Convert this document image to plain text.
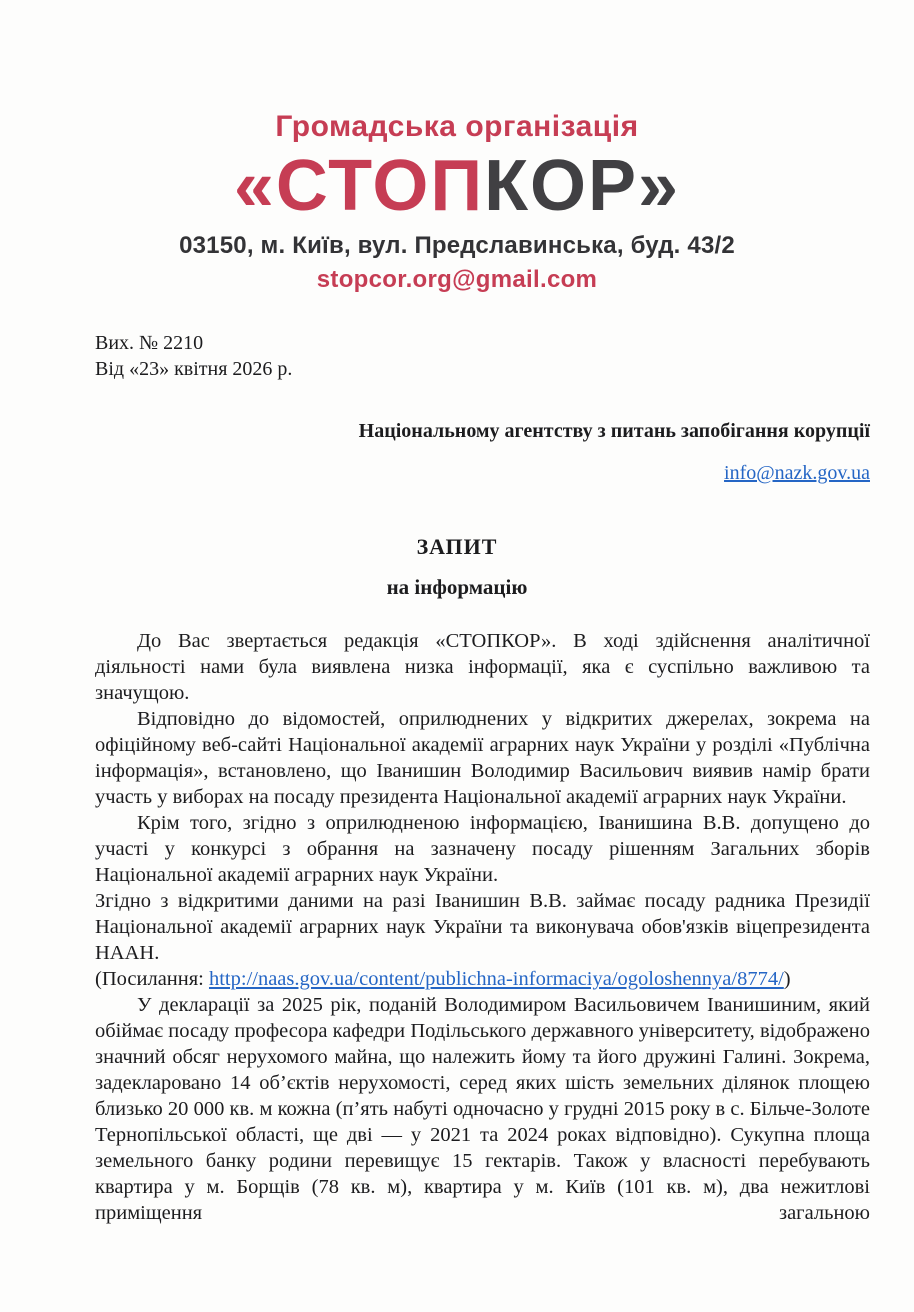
Громадська організація
«СТОПКОР»
03150, м. Київ, вул. Предславинська, буд. 43/2
stopcor.org@gmail.com
Вих. № 2210
Від «23» квітня 2026 р.
Національному агентству з питань запобігання корупції
info@nazk.gov.ua
ЗАПИТ
на інформацію

До Вас звертається редакція «СТОПКОР». В ході здійснення аналітичної діяльності нами була виявлена низка інформації, яка є суспільно важливою та значущою.

Відповідно до відомостей, оприлюднених у відкритих джерелах, зокрема на офіційному веб-сайті Національної академії аграрних наук України у розділі «Публічна інформація», встановлено, що Іванишин Володимир Васильович виявив намір брати участь у виборах на посаду президента Національної академії аграрних наук України.

Крім того, згідно з оприлюдненою інформацією, Іванишина В.В. допущено до участі у конкурсі з обрання на зазначену посаду рішенням Загальних зборів Національної академії аграрних наук України.

Згідно з відкритими даними на разі Іванишин В.В. займає посаду радника Президії Національної академії аграрних наук України та виконувача обов'язків віцепрезидента НААН.

(Посилання: http://naas.gov.ua/content/publichna-informaciya/ogoloshennya/8774/)

У декларації за 2025 рік, поданій Володимиром Васильовичем Іванишиним, який обіймає посаду професора кафедри Подільського державного університету, відображено значний обсяг нерухомого майна, що належить йому та його дружині Галині. Зокрема, задекларовано 14 об’єктів нерухомості, серед яких шість земельних ділянок площею близько 20 000 кв. м кожна (п’ять набуті одночасно у грудні 2015 року в с. Більче-Золоте Тернопільської області, ще дві — у 2021 та 2024 роках відповідно). Сукупна площа земельного банку родини перевищує 15 гектарів. Також у власності перебувають квартира у м. Борщів (78 кв. м), квартира у м. Київ (101 кв. м), два нежитлові приміщення загальною
